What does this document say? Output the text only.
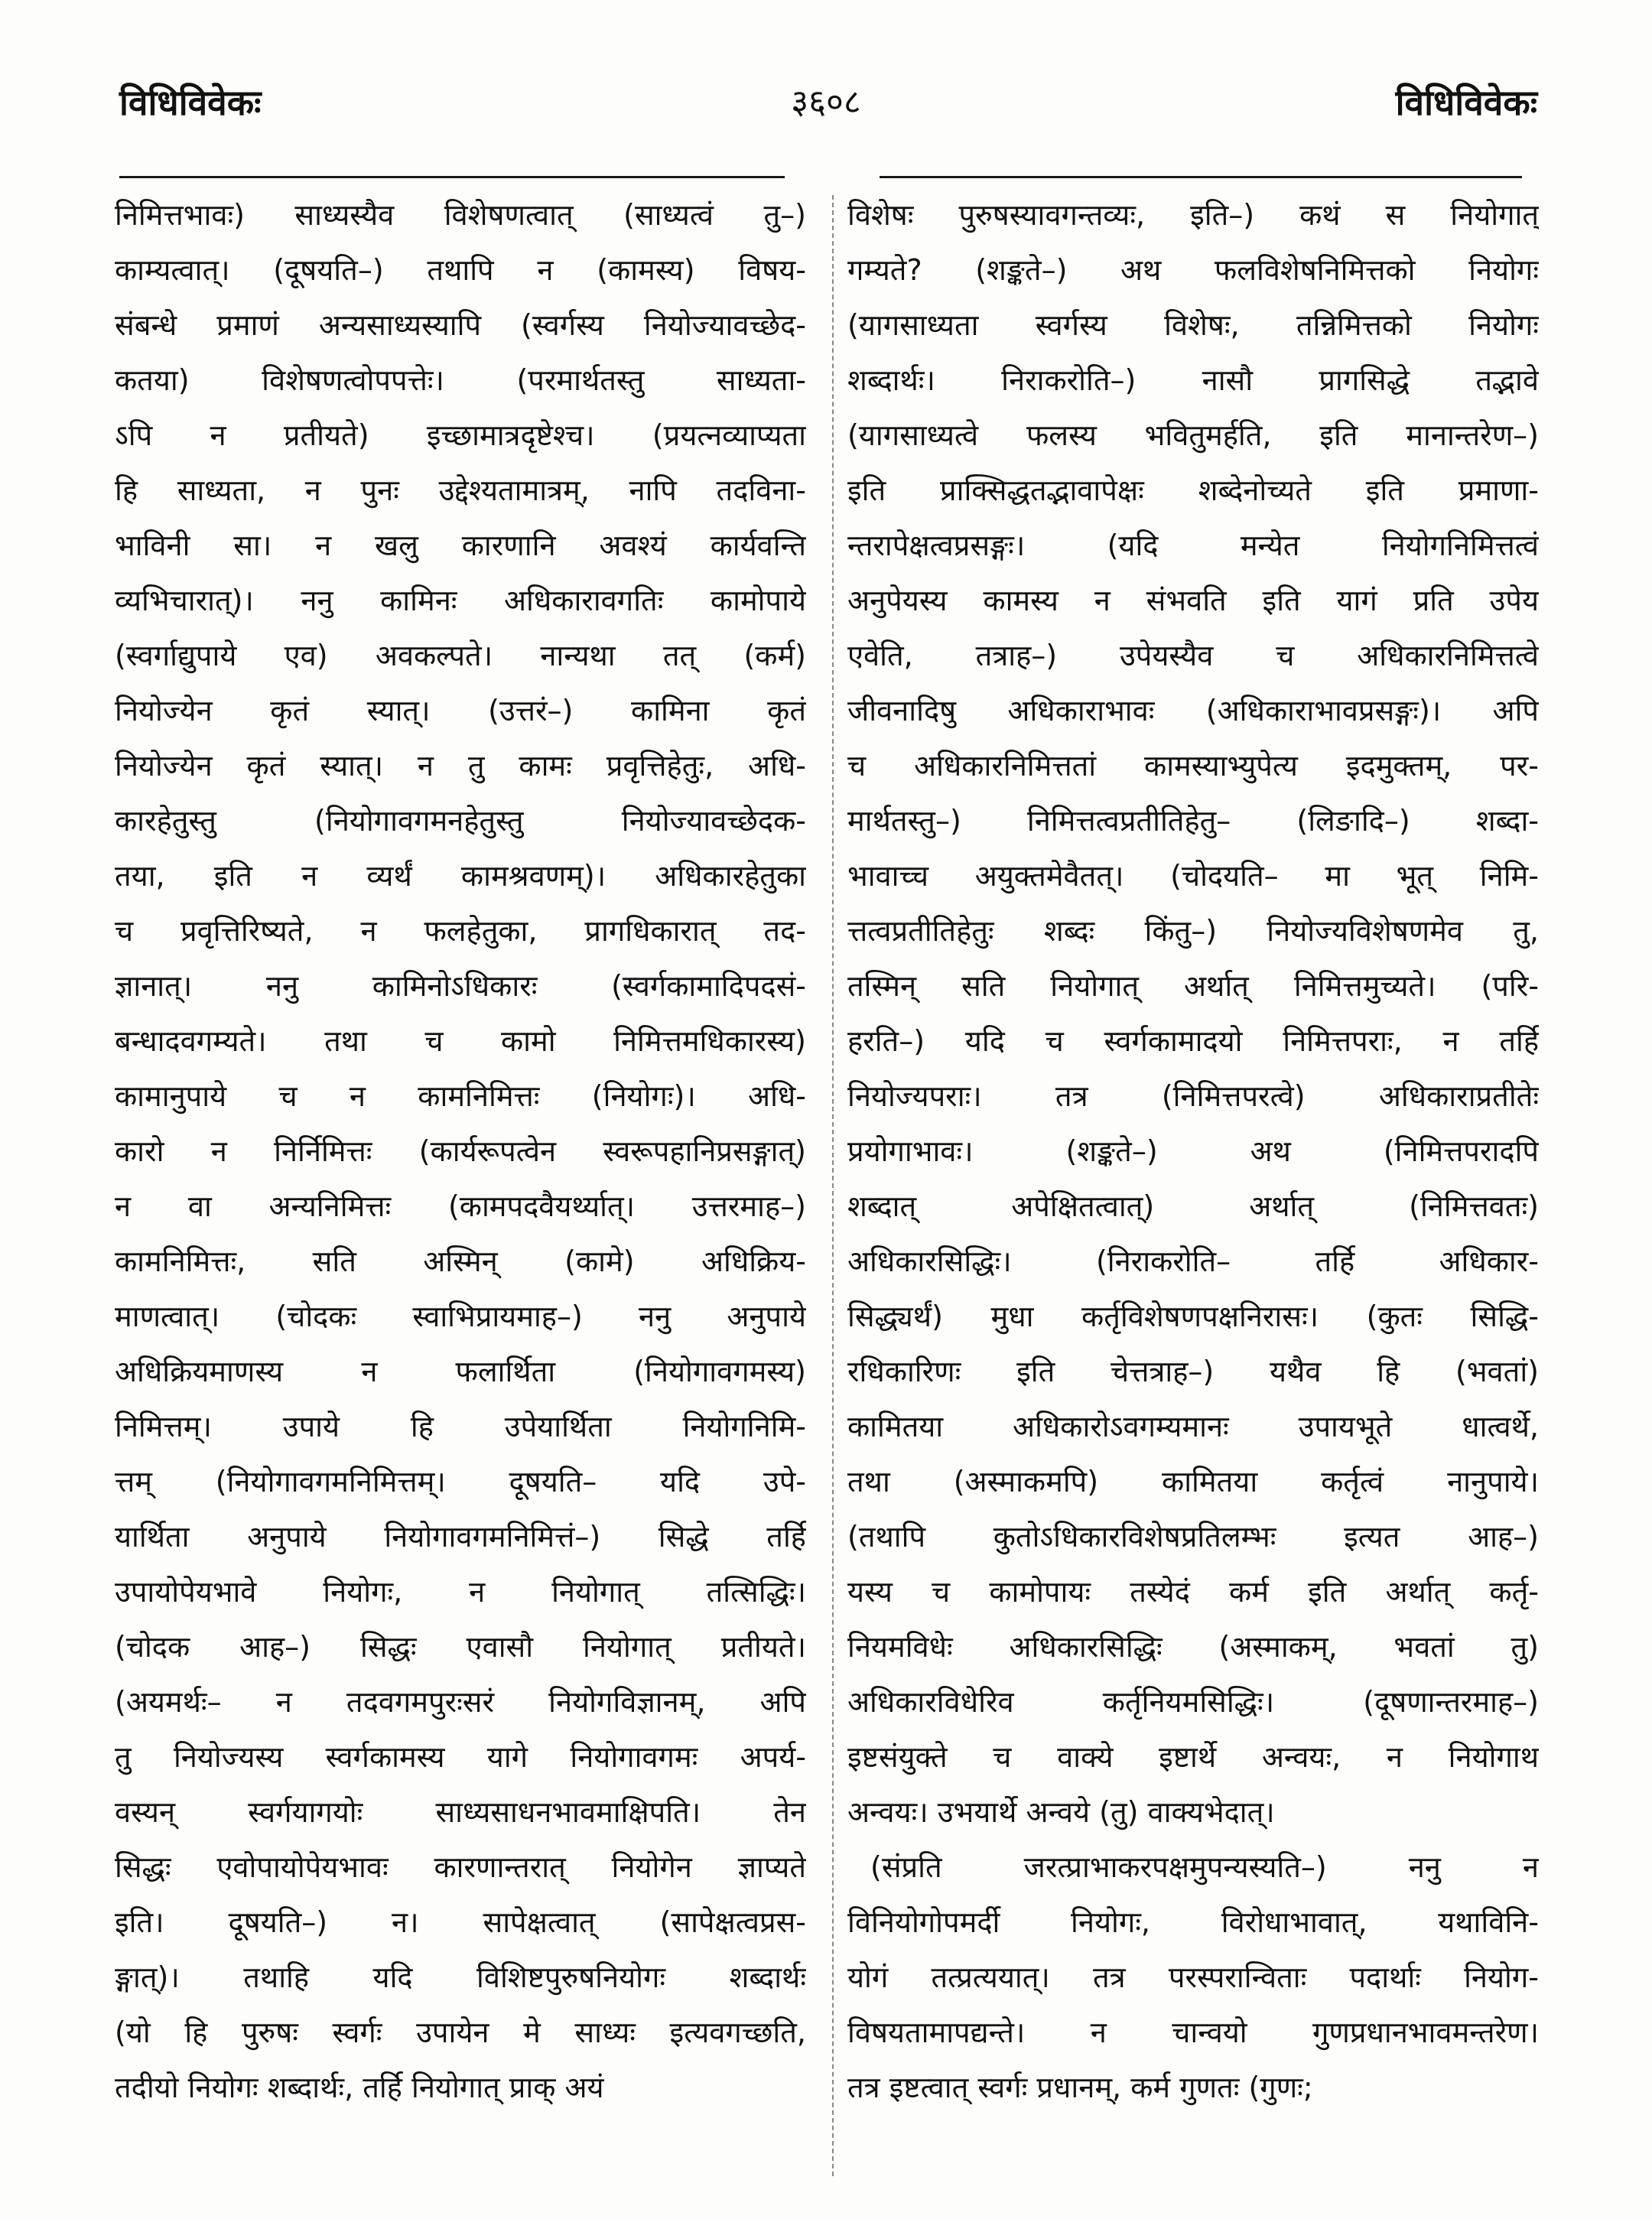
विधिविवेकः	३६०८	विधिविवेकः
निमित्तभावः) साध्यस्यैव विशेषणत्वात् (साध्यत्वं तु–)
काम्यत्वात्। (दूषयति–) तथापि न (कामस्य) विषय-
संबन्धे प्रमाणं अन्यसाध्यस्यापि (स्वर्गस्य नियोज्यावच्छेद-
कतया) विशेषणत्वोपपत्तेः। (परमार्थतस्तु साध्यता-
ऽपि न प्रतीयते) इच्छामात्रदृष्टेश्च। (प्रयत्नव्याप्यता
हि साध्यता, न पुनः उद्देश्यतामात्रम्, नापि तदविना-
भाविनी सा। न खलु कारणानि अवश्यं कार्यवन्ति
व्यभिचारात्)। ननु कामिनः अधिकारावगतिः कामोपाये
(स्वर्गाद्युपाये एव) अवकल्पते। नान्यथा तत् (कर्म)
नियोज्येन कृतं स्यात्। (उत्तरं–) कामिना कृतं
नियोज्येन कृतं स्यात्। न तु कामः प्रवृत्तिहेतुः, अधि-
कारहेतुस्तु (नियोगावगमनहेतुस्तु नियोज्यावच्छेदक-
तया, इति न व्यर्थं कामश्रवणम्)। अधिकारहेतुका
च प्रवृत्तिरिष्यते, न फलहेतुका, प्रागधिकारात् तद-
ज्ञानात्। ननु कामिनोऽधिकारः (स्वर्गकामादिपदसं-
बन्धादवगम्यते। तथा च कामो निमित्तमधिकारस्य)
कामानुपाये च न कामनिमित्तः (नियोगः)। अधि-
कारो न निर्निमित्तः (कार्यरूपत्वेन स्वरूपहानिप्रसङ्गात्)
न वा अन्यनिमित्तः (कामपदवैयर्थ्यात्। उत्तरमाह–)
कामनिमित्तः, सति अस्मिन् (कामे) अधिक्रिय-
माणत्वात्। (चोदकः स्वाभिप्रायमाह–) ननु अनुपाये
अधिक्रियमाणस्य न फलार्थिता (नियोगावगमस्य)
निमित्तम्। उपाये हि उपेयार्थिता नियोगनिमि-
त्तम् (नियोगावगमनिमित्तम्। दूषयति– यदि उपे-
यार्थिता अनुपाये नियोगावगमनिमित्तं–) सिद्धे तर्हि
उपायोपेयभावे नियोगः, न नियोगात् तत्सिद्धिः।
(चोदक आह–) सिद्धः एवासौ नियोगात् प्रतीयते।
(अयमर्थः– न तदवगमपुरःसरं नियोगविज्ञानम्, अपि
तु नियोज्यस्य स्वर्गकामस्य यागे नियोगावगमः अपर्य-
वस्यन् स्वर्गयागयोः साध्यसाधनभावमाक्षिपति। तेन
सिद्धः एवोपायोपेयभावः कारणान्तरात् नियोगेन ज्ञाप्यते
इति। दूषयति–) न। सापेक्षत्वात् (सापेक्षत्वप्रस-
ङ्गात्)। तथाहि यदि विशिष्टपुरुषनियोगः शब्दार्थः
(यो हि पुरुषः स्वर्गः उपायेन मे साध्यः इत्यवगच्छति,
तदीयो नियोगः शब्दार्थः, तर्हि नियोगात् प्राक् अयं
विशेषः पुरुषस्यावगन्तव्यः, इति–) कथं स नियोगात्
गम्यते? (शङ्कते–) अथ फलविशेषनिमित्तको नियोगः
(यागसाध्यता स्वर्गस्य विशेषः, तन्निमित्तको नियोगः
शब्दार्थः। निराकरोति–) नासौ प्रागसिद्धे तद्भावे
(यागसाध्यत्वे फलस्य भवितुमर्हति, इति मानान्तरेण–)
इति प्राक्सिद्धतद्भावापेक्षः शब्देनोच्यते इति प्रमाणा-
न्तरापेक्षत्वप्रसङ्गः। (यदि मन्येत नियोगनिमित्तत्वं
अनुपेयस्य कामस्य न संभवति इति यागं प्रति उपेय
एवेति, तत्राह–) उपेयस्यैव च अधिकारनिमित्तत्वे
जीवनादिषु अधिकाराभावः (अधिकाराभावप्रसङ्गः)। अपि
च अधिकारनिमित्ततां कामस्याभ्युपेत्य इदमुक्तम्, पर-
मार्थतस्तु–) निमित्तत्वप्रतीतिहेतु– (लिङादि–) शब्दा-
भावाच्च अयुक्तमेवैतत्। (चोदयति– मा भूत् निमि-
त्तत्वप्रतीतिहेतुः शब्दः किंतु–) नियोज्यविशेषणमेव तु,
तस्मिन् सति नियोगात् अर्थात् निमित्तमुच्यते। (परि-
हरति–) यदि च स्वर्गकामादयो निमित्तपराः, न तर्हि
नियोज्यपराः। तत्र (निमित्तपरत्वे) अधिकाराप्रतीतेः
प्रयोगाभावः। (शङ्कते–) अथ (निमित्तपरादपि
शब्दात् अपेक्षितत्वात्) अर्थात् (निमित्तवतः)
अधिकारसिद्धिः। (निराकरोति– तर्हि अधिकार-
सिद्ध्यर्थं) मुधा कर्तृविशेषणपक्षनिरासः। (कुतः सिद्धि-
रधिकारिणः इति चेत्तत्राह–) यथैव हि (भवतां)
कामितया अधिकारोऽवगम्यमानः उपायभूते धात्वर्थे,
तथा (अस्माकमपि) कामितया कर्तृत्वं नानुपाये।
(तथापि कुतोऽधिकारविशेषप्रतिलम्भः इत्यत आह–)
यस्य च कामोपायः तस्येदं कर्म इति अर्थात् कर्तृ-
नियमविधेः अधिकारसिद्धिः (अस्माकम्, भवतां तु)
अधिकारविधेरिव कर्तृनियमसिद्धिः। (दूषणान्तरमाह–)
इष्टसंयुक्ते च वाक्ये इष्टार्थे अन्वयः, न नियोगाथ
अन्वयः। उभयार्थे अन्वये (तु) वाक्यभेदात्।
(संप्रति जरत्प्राभाकरपक्षमुपन्यस्यति–) ननु न
विनियोगोपमर्दी नियोगः, विरोधाभावात्, यथाविनि-
योगं तत्प्रत्ययात्। तत्र परस्परान्विताः पदार्थाः नियोग-
विषयतामापद्यन्ते। न चान्वयो गुणप्रधानभावमन्तरेण।
तत्र इष्टत्वात् स्वर्गः प्रधानम्, कर्म गुणतः (गुणः;
